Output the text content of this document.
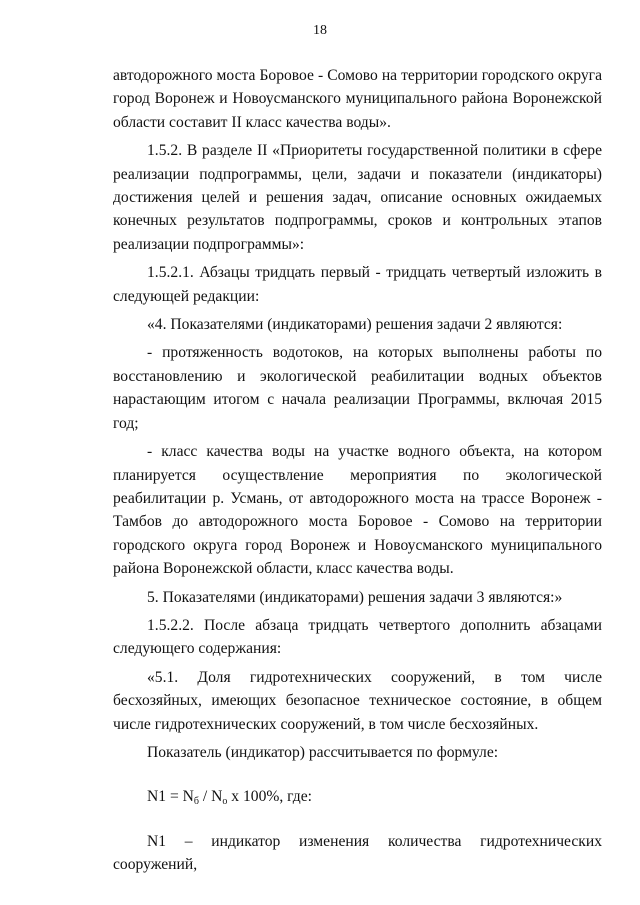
18

автодорожного моста Боровое - Сомово на территории городского округа город Воронеж и Новоусманского муниципального района Воронежской области составит II класс качества воды».

1.5.2. В разделе II «Приоритеты государственной политики в сфере реализации подпрограммы, цели, задачи и показатели (индикаторы) достижения целей и решения задач, описание основных ожидаемых конечных результатов подпрограммы, сроков и контрольных этапов реализации подпрограммы»:

1.5.2.1. Абзацы тридцать первый - тридцать четвертый изложить в следующей редакции:

«4. Показателями (индикаторами) решения задачи 2 являются:

- протяженность водотоков, на которых выполнены работы по восстановлению и экологической реабилитации водных объектов нарастающим итогом с начала реализации Программы, включая 2015 год;

- класс качества воды на участке водного объекта, на котором планируется осуществление мероприятия по экологической реабилитации р. Усмань, от автодорожного моста на трассе Воронеж - Тамбов до автодорожного моста Боровое - Сомово на территории городского округа город Воронеж и Новоусманского муниципального района Воронежской области, класс качества воды.

5. Показателями (индикаторами) решения задачи 3 являются:»

1.5.2.2. После абзаца тридцать четвертого дополнить абзацами следующего содержания:

«5.1. Доля гидротехнических сооружений, в том числе бесхозяйных, имеющих безопасное техническое состояние, в общем числе гидротехнических сооружений, в том числе бесхозяйных.

Показатель (индикатор) рассчитывается по формуле:

$N1 = N_б / N_о$ x 100%, где:

N1 – индикатор изменения количества гидротехнических сооружений,
